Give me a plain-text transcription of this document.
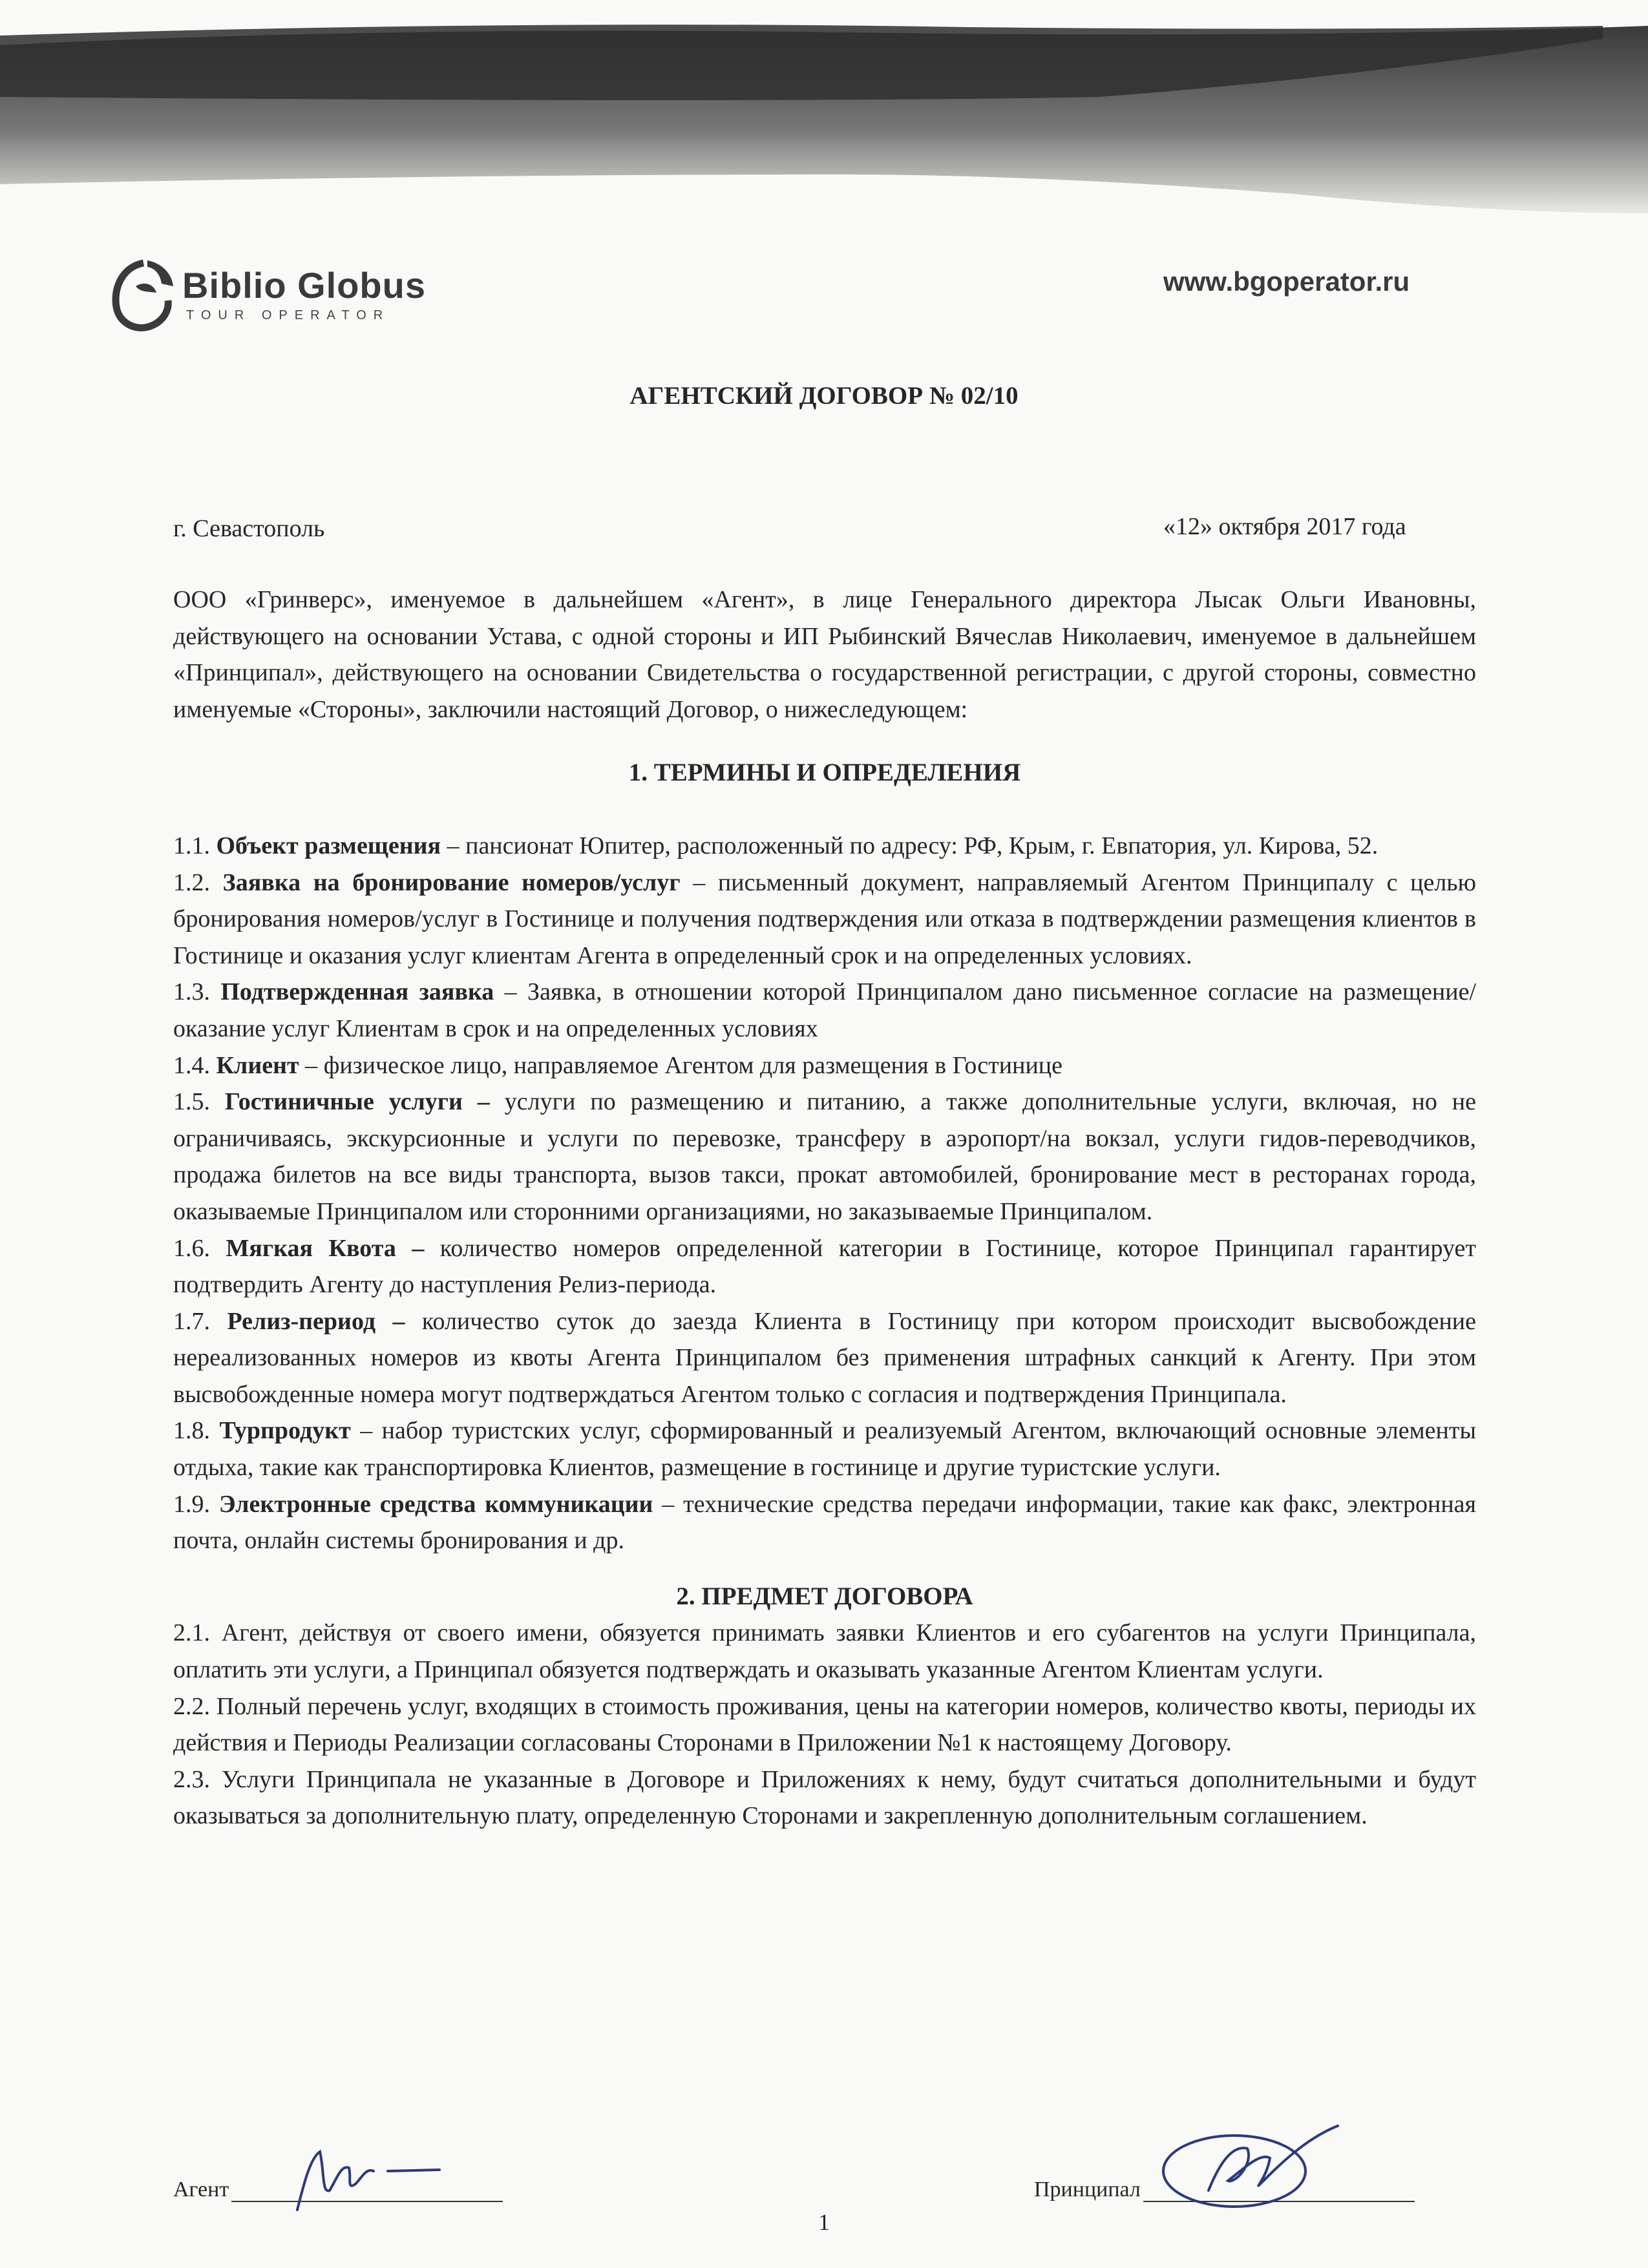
Biblio Globus
TOUR OPERATOR
www.bgoperator.ru
АГЕНТСКИЙ ДОГОВОР № 02/10
г. Севастополь	«12» октября 2017 года

ООО «Гринверс», именуемое в дальнейшем «Агент», в лице Генерального директора Лысак Ольги Ивановны, действующего на основании Устава, с одной стороны и ИП Рыбинский Вячеслав Николаевич, именуемое в дальнейшем «Принципал», действующего на основании Свидетельства о государственной регистрации, с другой стороны, совместно именуемые «Стороны», заключили настоящий Договор, о нижеследующем:

1. ТЕРМИНЫ И ОПРЕДЕЛЕНИЯ

1.1. Объект размещения – пансионат Юпитер, расположенный по адресу: РФ, Крым, г. Евпатория, ул. Кирова, 52.

1.2. Заявка на бронирование номеров/услуг – письменный документ, направляемый Агентом Принципалу с целью бронирования номеров/услуг в Гостинице и получения подтверждения или отказа в подтверждении размещения клиентов в Гостинице и оказания услуг клиентам Агента в определенный срок и на определенных условиях.

1.3. Подтвержденная заявка – Заявка, в отношении которой Принципалом дано письменное согласие на размещение/оказание услуг Клиентам в срок и на определенных условиях

1.4. Клиент – физическое лицо, направляемое Агентом для размещения в Гостинице

1.5. Гостиничные услуги – услуги по размещению и питанию, а также дополнительные услуги, включая, но не ограничиваясь, экскурсионные и услуги по перевозке, трансферу в аэропорт/на вокзал, услуги гидов-переводчиков, продажа билетов на все виды транспорта, вызов такси, прокат автомобилей, бронирование мест в ресторанах города, оказываемые Принципалом или сторонними организациями, но заказываемые Принципалом.

1.6. Мягкая Квота – количество номеров определенной категории в Гостинице, которое Принципал гарантирует подтвердить Агенту до наступления Релиз-периода.

1.7. Релиз-период – количество суток до заезда Клиента в Гостиницу при котором происходит высвобождение нереализованных номеров из квоты Агента Принципалом без применения штрафных санкций к Агенту. При этом высвобожденные номера могут подтверждаться Агентом только с согласия и подтверждения Принципала.

1.8. Турпродукт – набор туристских услуг, сформированный и реализуемый Агентом, включающий основные элементы отдыха, такие как транспортировка Клиентов, размещение в гостинице и другие туристские услуги.

1.9. Электронные средства коммуникации – технические средства передачи информации, такие как факс, электронная почта, онлайн системы бронирования и др.

2. ПРЕДМЕТ ДОГОВОРА

2.1. Агент, действуя от своего имени, обязуется принимать заявки Клиентов и его субагентов на услуги Принципала, оплатить эти услуги, а Принципал обязуется подтверждать и оказывать указанные Агентом Клиентам услуги.

2.2. Полный перечень услуг, входящих в стоимость проживания, цены на категории номеров, количество квоты, периоды их действия и Периоды Реализации согласованы Сторонами в Приложении №1 к настоящему Договору.

2.3. Услуги Принципала не указанные в Договоре и Приложениях к нему, будут считаться дополнительными и будут оказываться за дополнительную плату, определенную Сторонами и закрепленную дополнительным соглашением.

Агент	Принципал
1
